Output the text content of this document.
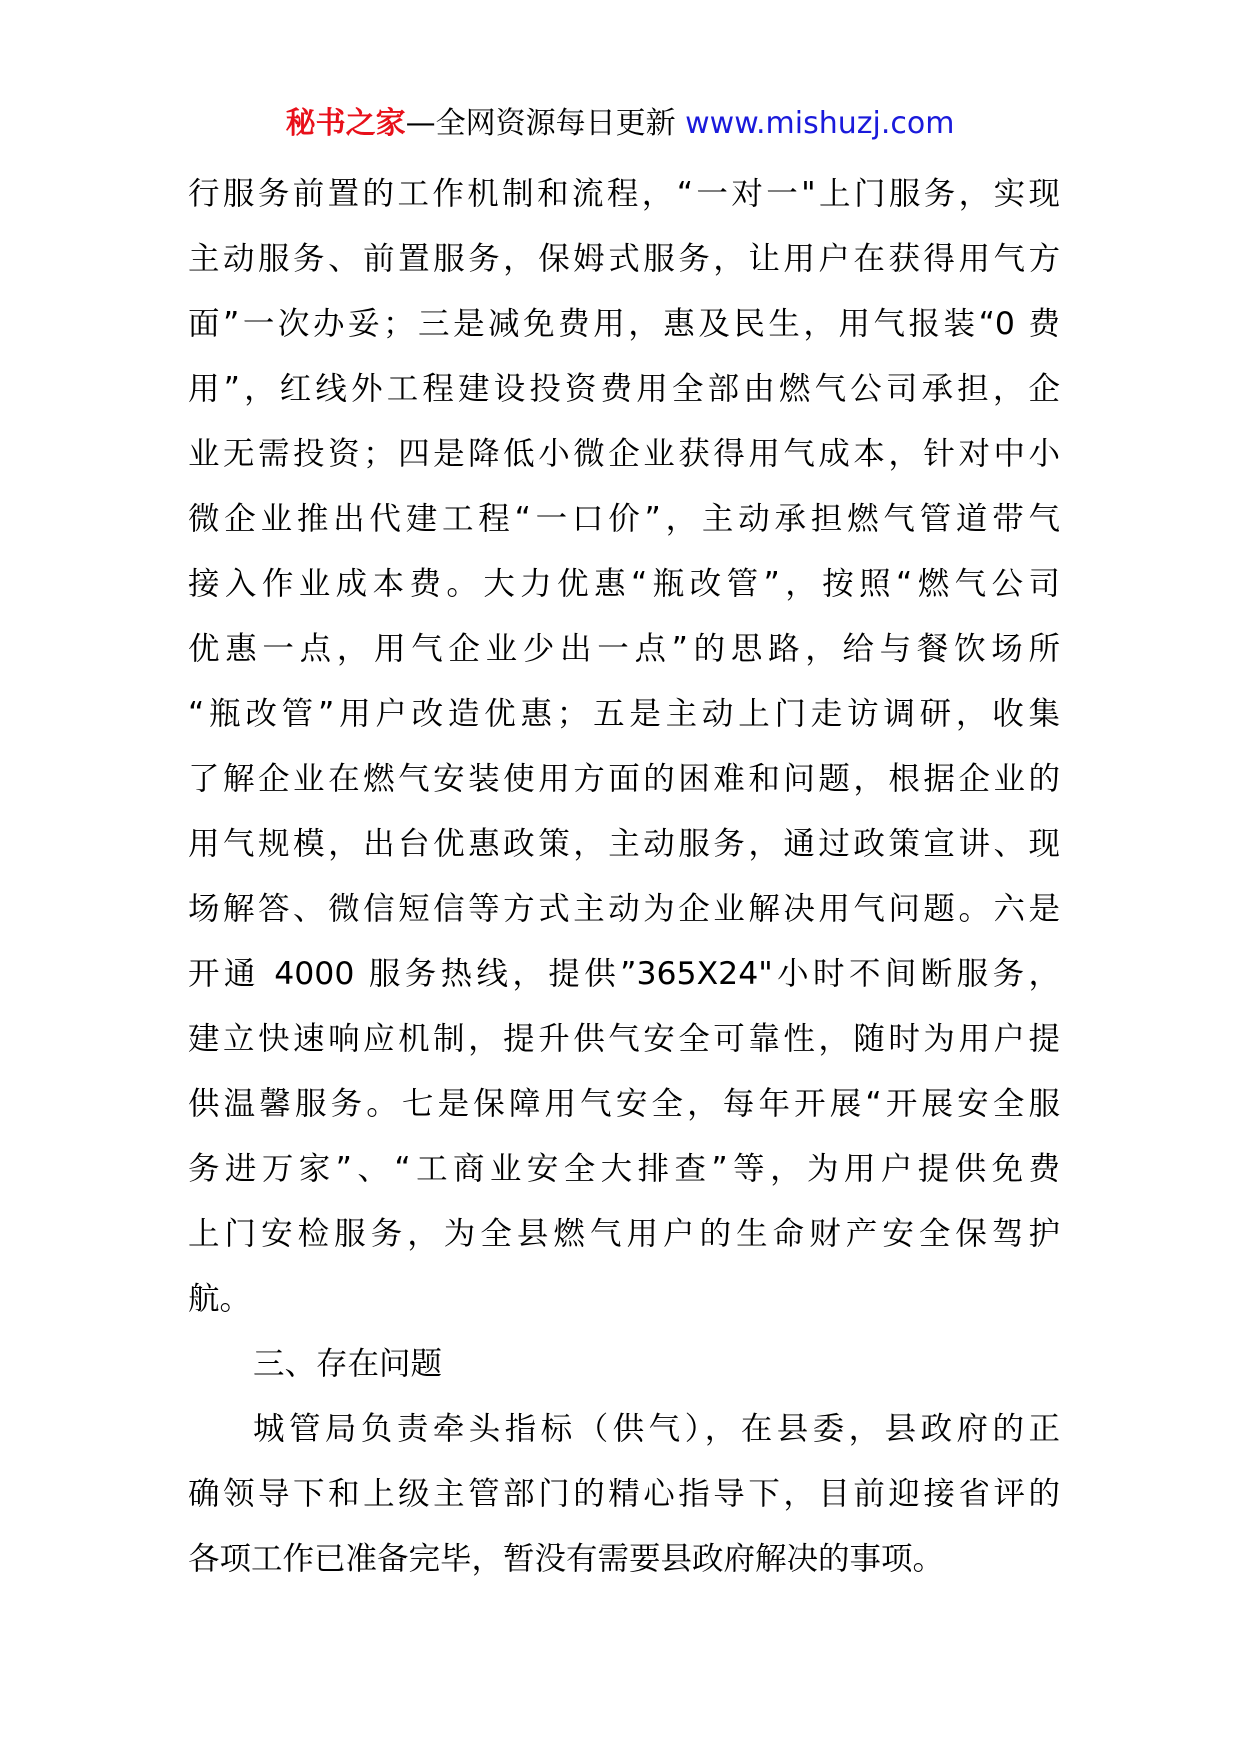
秘书之家—全网资源每日更新 www.mishuzj.com
行服务前置的工作机制和流程，“一对一"上门服务，实现
主动服务、前置服务，保姆式服务，让用户在获得用气方
面”一次办妥；三是减免费用，惠及民生，用气报装“0 费
用”，红线外工程建设投资费用全部由燃气公司承担，企
业无需投资；四是降低小微企业获得用气成本，针对中小
微企业推出代建工程“一口价”，主动承担燃气管道带气
接入作业成本费。大力优惠“瓶改管”，按照“燃气公司
优惠一点，用气企业少出一点”的思路，给与餐饮场所
“瓶改管”用户改造优惠；五是主动上门走访调研，收集
了解企业在燃气安装使用方面的困难和问题，根据企业的
用气规模，出台优惠政策，主动服务，通过政策宣讲、现
场解答、微信短信等方式主动为企业解决用气问题。六是
开通 4000 服务热线，提供”365X24"小时不间断服务，
建立快速响应机制，提升供气安全可靠性，随时为用户提
供温馨服务。七是保障用气安全，每年开展“开展安全服
务进万家”、“工商业安全大排查”等，为用户提供免费
上门安检服务，为全县燃气用户的生命财产安全保驾护
航。
三、存在问题
城管局负责牵头指标（供气），在县委，县政府的正
确领导下和上级主管部门的精心指导下，目前迎接省评的
各项工作已准备完毕，暂没有需要县政府解决的事项。
